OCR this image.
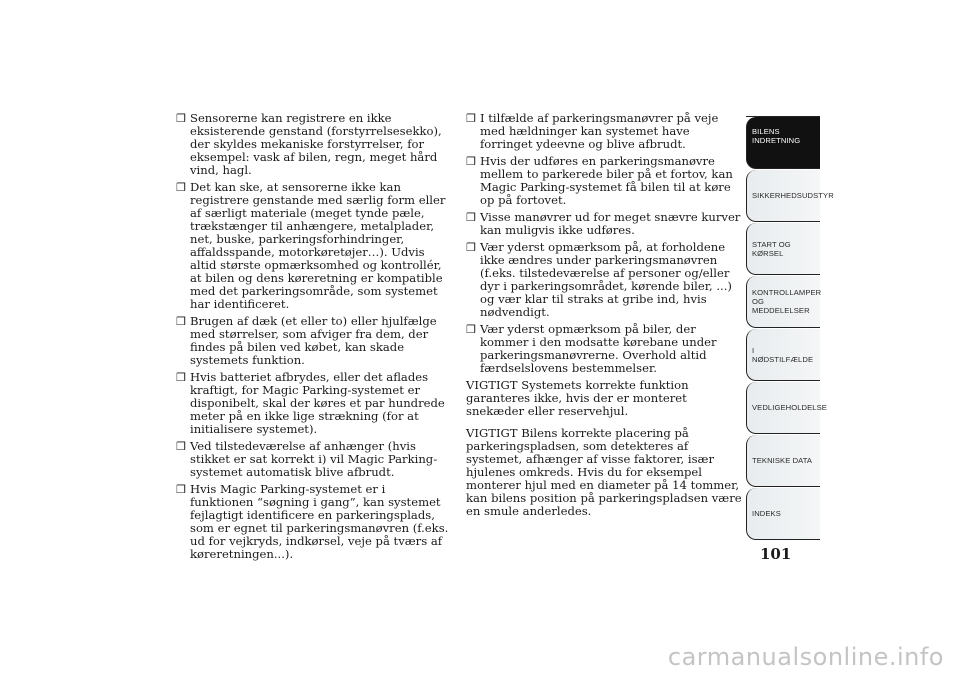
❒ Sensorerne kan registrere en ikke eksisterende genstand (forstyrrelsesekko), der skyldes mekaniske forstyrrelser, for eksempel: vask af bilen, regn, meget hård vind, hagl.
❒ Det kan ske, at sensorerne ikke kan registrere genstande med særlig form eller af særligt materiale (meget tynde pæle, trækstænger til anhængere, metalplader, net, buske, parkeringsforhindringer, affaldsspande, motorkøretøjer…). Udvis altid største opmærksomhed og kontrollér, at bilen og dens køreretning er kompatible med det parkeringsområde, som systemet har identificeret.
❒ Brugen af dæk (et eller to) eller hjulfælge med størrelser, som afviger fra dem, der findes på bilen ved købet, kan skade systemets funktion.
❒ Hvis batteriet afbrydes, eller det aflades kraftigt, for Magic Parking-systemet er disponibelt, skal der køres et par hundrede meter på en ikke lige strækning (for at initialisere systemet).
❒ Ved tilstedeværelse af anhænger (hvis stikket er sat korrekt i) vil Magic Parking-systemet automatisk blive afbrudt.
❒ Hvis Magic Parking-systemet er i funktionen “søgning i gang”, kan systemet fejlagtigt identificere en parkeringsplads, som er egnet til parkeringsmanøvren (f.eks. ud for vejkryds, indkørsel, veje på tværs af køreretningen...).
❒ I tilfælde af parkeringsmanøvrer på veje med hældninger kan systemet have forringet ydeevne og blive afbrudt.
❒ Hvis der udføres en parkeringsmanøvre mellem to parkerede biler på et fortov, kan Magic Parking-systemet få bilen til at køre op på fortovet.
❒ Visse manøvrer ud for meget snævre kurver kan muligvis ikke udføres.
❒ Vær yderst opmærksom på, at forholdene ikke ændres under parkeringsmanøvren (f.eks. tilstedeværelse af personer og/eller dyr i parkeringsområdet, kørende biler, ...) og vær klar til straks at gribe ind, hvis nødvendigt.
❒ Vær yderst opmærksom på biler, der kommer i den modsatte kørebane under parkeringsmanøvrerne. Overhold altid færdselslovens bestemmelser.

VIGTIGT Systemets korrekte funktion garanteres ikke, hvis der er monteret snekæder eller reservehjul.

VIGTIGT Bilens korrekte placering på parkeringspladsen, som detekteres af systemet, afhænger af visse faktorer, især hjulenes omkreds. Hvis du for eksempel monterer hjul med en diameter på 14 tommer, kan bilens position på parkeringspladsen være en smule anderledes.

BILENS
INDRETNING
SIKKERHEDSUDSTYR
START OG KØRSEL
KONTROLLAMPER
OG MEDDELELSER
I NØDSTILFÆLDE
VEDLIGEHOLDELSE
TEKNISKE DATA
INDEKS
101
carmanualsonline.info
